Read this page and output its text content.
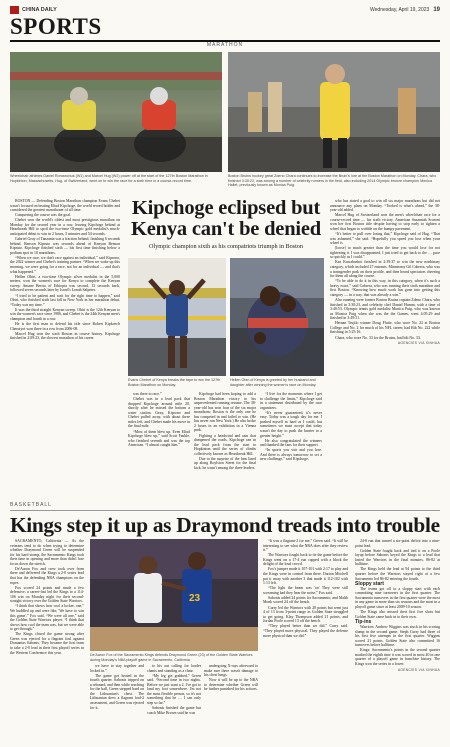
CHINA DAILY	Wednesday, April 19, 2023 19
SPORTS
MARATHON
Wheelchair athletes Daniel Romanchuk (W1) and Marcel Hug (W2) power off at the start of the 127th Boston Marathon in Hopkinton, Massachusetts. Hug, of Switzerland, went on to win the race for a sixth time in a course-record time.
Boston Bruins hockey great Zdeno Chara continues to increase the Bruin's lore at the Boston Marathon on Monday. Chara, who finished 3:30:22, was among a number of celebrity runners in the field, also including 2014 Olympic bronze champion Monica Hallet, previously known as Monica Puig.
Kipchoge eclipsed but Kenya can't be denied
Olympic champion sixth as his compatriots triumph in Boston

BOSTON — Defending Boston Marathon champion Evans Chebet wasn't focused on beating Eliud Kipchoge, the world record holder and considered the greatest marathoner of all time.

Conquering the course was the goal.

Chebet won the world's oldest and most prestigious marathon on Monday for the second year in a row, leaving Kipchoge behind at Heartbreak Hill to spoil the two-time Olympic gold medalist's much-anticipated debut to win in 2 hours, 5 minutes and 54 seconds.

Gabriel Geay of Tanzania was a fraction behind, finishing 6 seconds behind. Benson Kipruto was seconds ahead of Kenyan Benson Kipruto. Kipchoge finished sixth — his first time finishing below a podium spot in 10 marathons.

“When we race, we don't race against an individual,” said Kiprono, the 2022 winner and Chebet's training partner. “When we wake up this morning, we were going for a race, not for an individual — and that's what happened.”

Hellen Obiri, a two-time Olympic silver medalist in the 5,000 meters, won the women's race for Kenya to complete the Kenyan sweep. Amane Beriso of Ethiopia was second, 13 seconds back, followed seven seconds later by Israel's Lonah Salpeter.

“I tried to be patient and wait for the right time to happen,” said Obiri, who finished sixth last fall in New York in her marathon debut. “Today was my time.”

It was the third straight Kenyan sweep. Obiri is the 12th Kenyan to win the women's race since 1986, and Chebet is the 24th Kenyan men's champion and fourth in a row.

He is the first man to defend his title since Robert Kipkoech Cheruiyot won three in a row from 2006-08.

Marcel Hug won the sixth Boston in course history. Kipchoge finished in 2:09:23, the slowest marathon of his career.

Evans Chebet of Kenya breaks the tape to win the 127th Boston Marathon on Monday.
Hellen Obiri of Kenya is greeted by her husband and daughter after winning the women's race on Monday.

was there to race.”

Chebet was in a lead pack that dropped Kipchoge around mile 20, shortly after he missed the bottom a water station. Geay, Kiprono and Chebet pulled away, with about three miles left, and Chebet made his move in the final mile.

“Most of them blew up. Even Eliud Kipchoge blew up,” said Scott Fauble, who finished seventh and was the top American. “I almost caught him.”

Kipchoge had been hoping to add a Boston Marathon victory to his unprecedented running resume. The 38-year-old has won four of the six major marathons; Boston is the only one he has competed in and failed to win. (He has never run New York.) He also broke 2 hours in an exhibition in a Vienna park.

Fighting a headwind and rain that dampened the roads, Kipchoge ran in the lead pack from the start to Hopkinton until the series of climbs collectively known as Heartbreak Hill.

Due to the surprise of the fans lined up along Boylston Street for the final kick, he wasn't among the three leaders.

“I live for the moments where I get to challenge the limits,” Kipchoge said in a statement distributed by the race organizers.

“It's never guaranteed, it's never easy. Today was a tough day for me. I pushed myself as hard as I could, but sometimes we must accept that today wasn't the day to push the barrier to a greater height.”

He also congratulated the winners and thanked the fans for their support.

“In sports you win and you lose. And there is always tomorrow to set a new challenge,” said Kipchoge,

who has stated a goal to win all six major marathons but did not announce any plans on Monday. “Tooked is what's ahead,” the 38-year-old added.

Marcel Hug of Switzerland won the men's wheelchair race for a course-record time — his sixth victory. American Susannah Scaroni won her first Boston title despite having to stop early to tighten a wheel that began to wobble on the bumpy pavement.

“It's better to pull over losing that,” Kipchoge said of Hug. “That was ashamed,” she said. “Hopefully you speed you lose when your wheel is

[loose] to much greater than the time you would lose for not tightening it. I was disappointed, I just tried to get back to the … pace so quickly as I could.”

Kaz Kawabusbot finished in 2:39:37 to win the new nonbinary category, which included 27 entrants. Minneomy Gil Cabrera, who was a transgender park on their profile, and then heard spectators cheering for them all along the course.

“To be able to do it in this way, in this category, when it's such a heavy exact,” said Cabrera, who was running their sixth marathon and first Boston. “Knowing how much work has gone into getting this category — in a way, that was already a win.”

Also running were former Boston Bruins captain Zdeno Chara, who finished in 3:30:23, and celebrity chef Daniel Humm, with a time of 3:40:53. Olympic tennis gold medalist Monica Puig, who was known as Monica Puig when she was the the Games, went 4:05:29 and finished in 3:49:51.

Hernan Trujilo winner Doug Flutie, who wore No. 22 at Boston College and No. 2 for much of his NFL career, had Bib No. 222 while finishing in 5:25:16.

Chara, who wore No. 33 for the Bruins, had bib No. 33.

AGENCIES VIA XINHUA
BASKETBALL
Kings step it up as Draymond treads into trouble

SACRAMENTO, California — As the veterans tend to do when trying to determine whether Draymond Green will be suspended for his hard stomp, the Sacramento Kings took their time in opening and more than didn't lose focus down the stretch.

De'Aaron Fox and crew took over from there and delivered the Kings a 2-0 series lead that has the defending NBA champions on the ropes.

Fox scored 24 points and made a few defensive, a career-fast led the Kings to a 114-106 win on Monday night for their second-straight victory over the Golden State Warriors.

“I think that shows how cool a locker, one,” We huddled up and were like, 'We have to win this game',” Fox said. “We were all one,” said the Golden State Warriors player. “I think that shows how cool the team was, but we were able to get through.”

The Kings closed the game strong after Green was ejected for a flagrant foul against Domantas Sabonis. They became the first team to take a 2-0 lead in their first playoff series in the Western Conference this year.

23
De'Aaron Fox of the Sacramento Kings defends Draymond Green (23) of the Golden State Warriors during Monday's NBA playoff game in Sacramento, California.

we have to stay together and locked in.”

The game got heated in the fourth quarter. Sabonis tripped on a rebound, and then while reaching for the ball, Green stepped hard on the Lithuanian's chest. The Lithuanian drew a flagrant foul-2 assessment, and Green was ejected for it.

to his out calling for louder chants and standing as a chair.

“My leg got grabbed,” Green said. “Second time in two nights. Before we just want a 2. I've got to land my foot somewhere. I'm not the most flexible person, so it's not something that he … I can only step so far.”

Sabonis finished the game but coach Mike Brown said he was

undergoing X-rays afterward to make sure there wasn't damage to his chest lungs.

Now it will be up to the NBA to determine whether Green will be further punished for his actions.

“It was a flagrant-2 for me,” Green said. “It will be interesting to see what the NBA does after they review it.”

The Warriors fought back to tie the game before the Kings went on a 17-4 run capped with a block the delight of the loud crowd.

Fox's jumper made it 107-101 with 2:17 to play and the Kings were in control from there. Darion Mitchell put it away with another 3 that made it 112-102 with 1:13 left.

“The light the beam was 'on' They were still screaming bad they hear the noise,” Fox said.

Sabonis added 24 points for Sacramento, and Malik Monk scored 24 off the bench.

Curry led the Warriors with 28 points but went just 4 of 13 from 3-point range as Golden State struggled to get going. Klay Thompson added 21 points, and Jordan Poole scored 13 off the bench.

“They played better than we did,” Curry said. “They played more physical. They played the defense more physical than we did.”

24-8 run that turned a six-point deficit into a nine-point lead.

Golden State fought back and tied it on a Poole layup before Sabonis keyed the Kings to a lead that lasted the Warriors in the final minutes, 86-82 at halftime.

The Kings held the lead at 94 points to the third quarter before the Warriors stayed right at a few Sacramento led 86-82 entering the fourth.

Sloppy start

The teams got off to a sloppy start with each committing nine turnovers in the first quarter. The Sacramento turnovers in the first quarter were the most in any game in more than six seasons and the most in a playoff game since at least 2009-10 season.

The Kings also missed their first five shots but Golden State came back in to their own.

Tip-ins

Warriors: Andrew Wiggins was stuck in his scoring slump in the second game. Steph Curry had three of his first five attempts in the first quarter. Wiggins scored 21 points. Golden State also committed 16 turnovers before halftime.

Kings: Sacramento's points in the second quarter marked the eighth time it was scored in most 40 in one quarter of a playoff game in franchise history. The Kings won the series in a lower.

AGENCIES VIA XINHUA
